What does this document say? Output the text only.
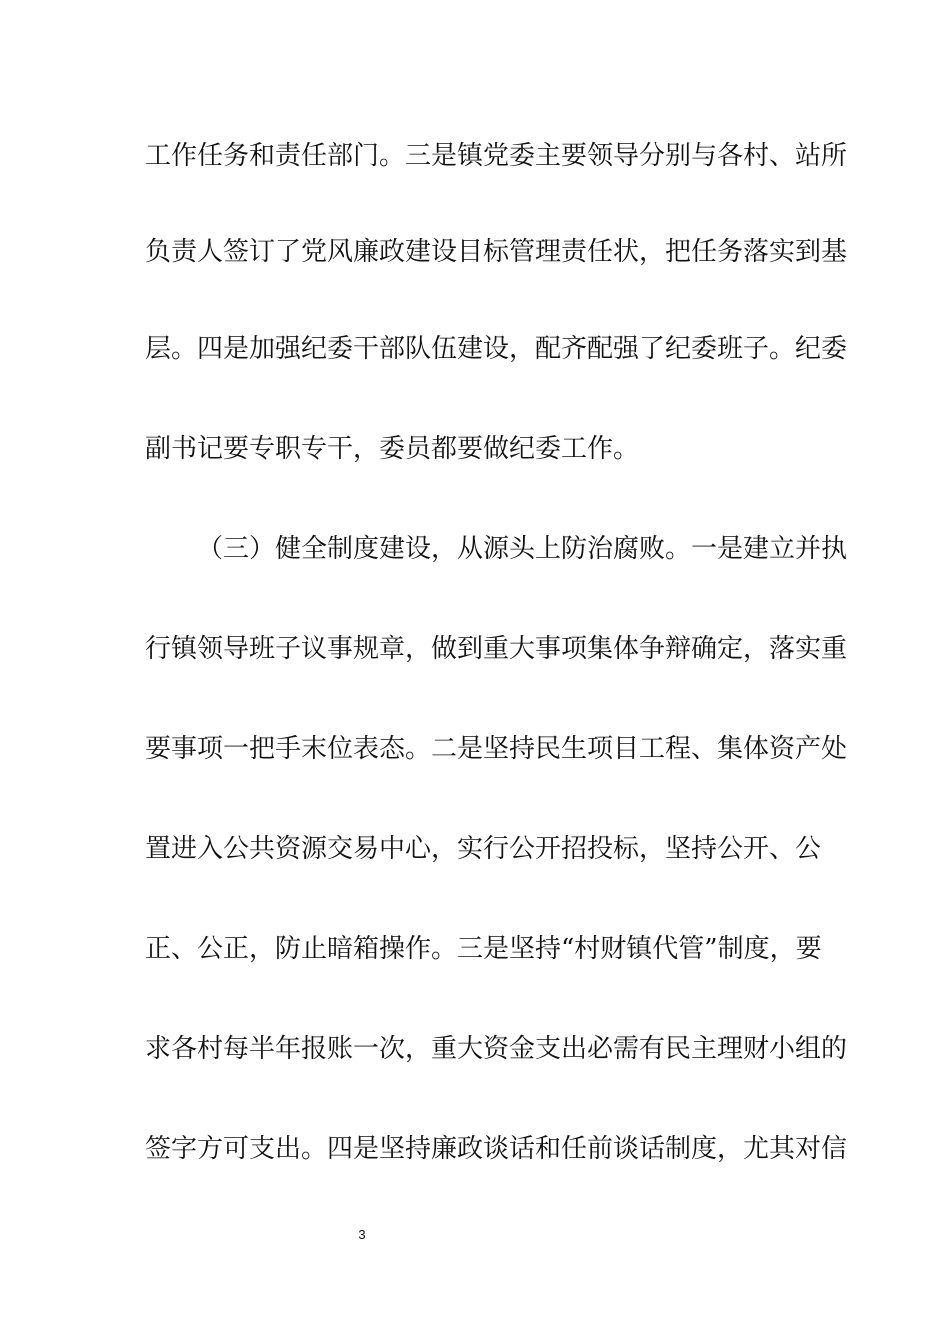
工作任务和责任部门。三是镇党委主要领导分别与各村、站所
负责人签订了党风廉政建设目标管理责任状，把任务落实到基
层。四是加强纪委干部队伍建设，配齐配强了纪委班子。纪委
副书记要专职专干，委员都要做纪委工作。
（三）健全制度建设，从源头上防治腐败。一是建立并执
行镇领导班子议事规章，做到重大事项集体争辩确定，落实重
要事项一把手末位表态。二是坚持民生项目工程、集体资产处
置进入公共资源交易中心，实行公开招投标，坚持公开、公
正、公正，防止暗箱操作。三是坚持“村财镇代管”制度，要
求各村每半年报账一次，重大资金支出必需有民主理财小组的
签字方可支出。四是坚持廉政谈话和任前谈话制度，尤其对信
3
